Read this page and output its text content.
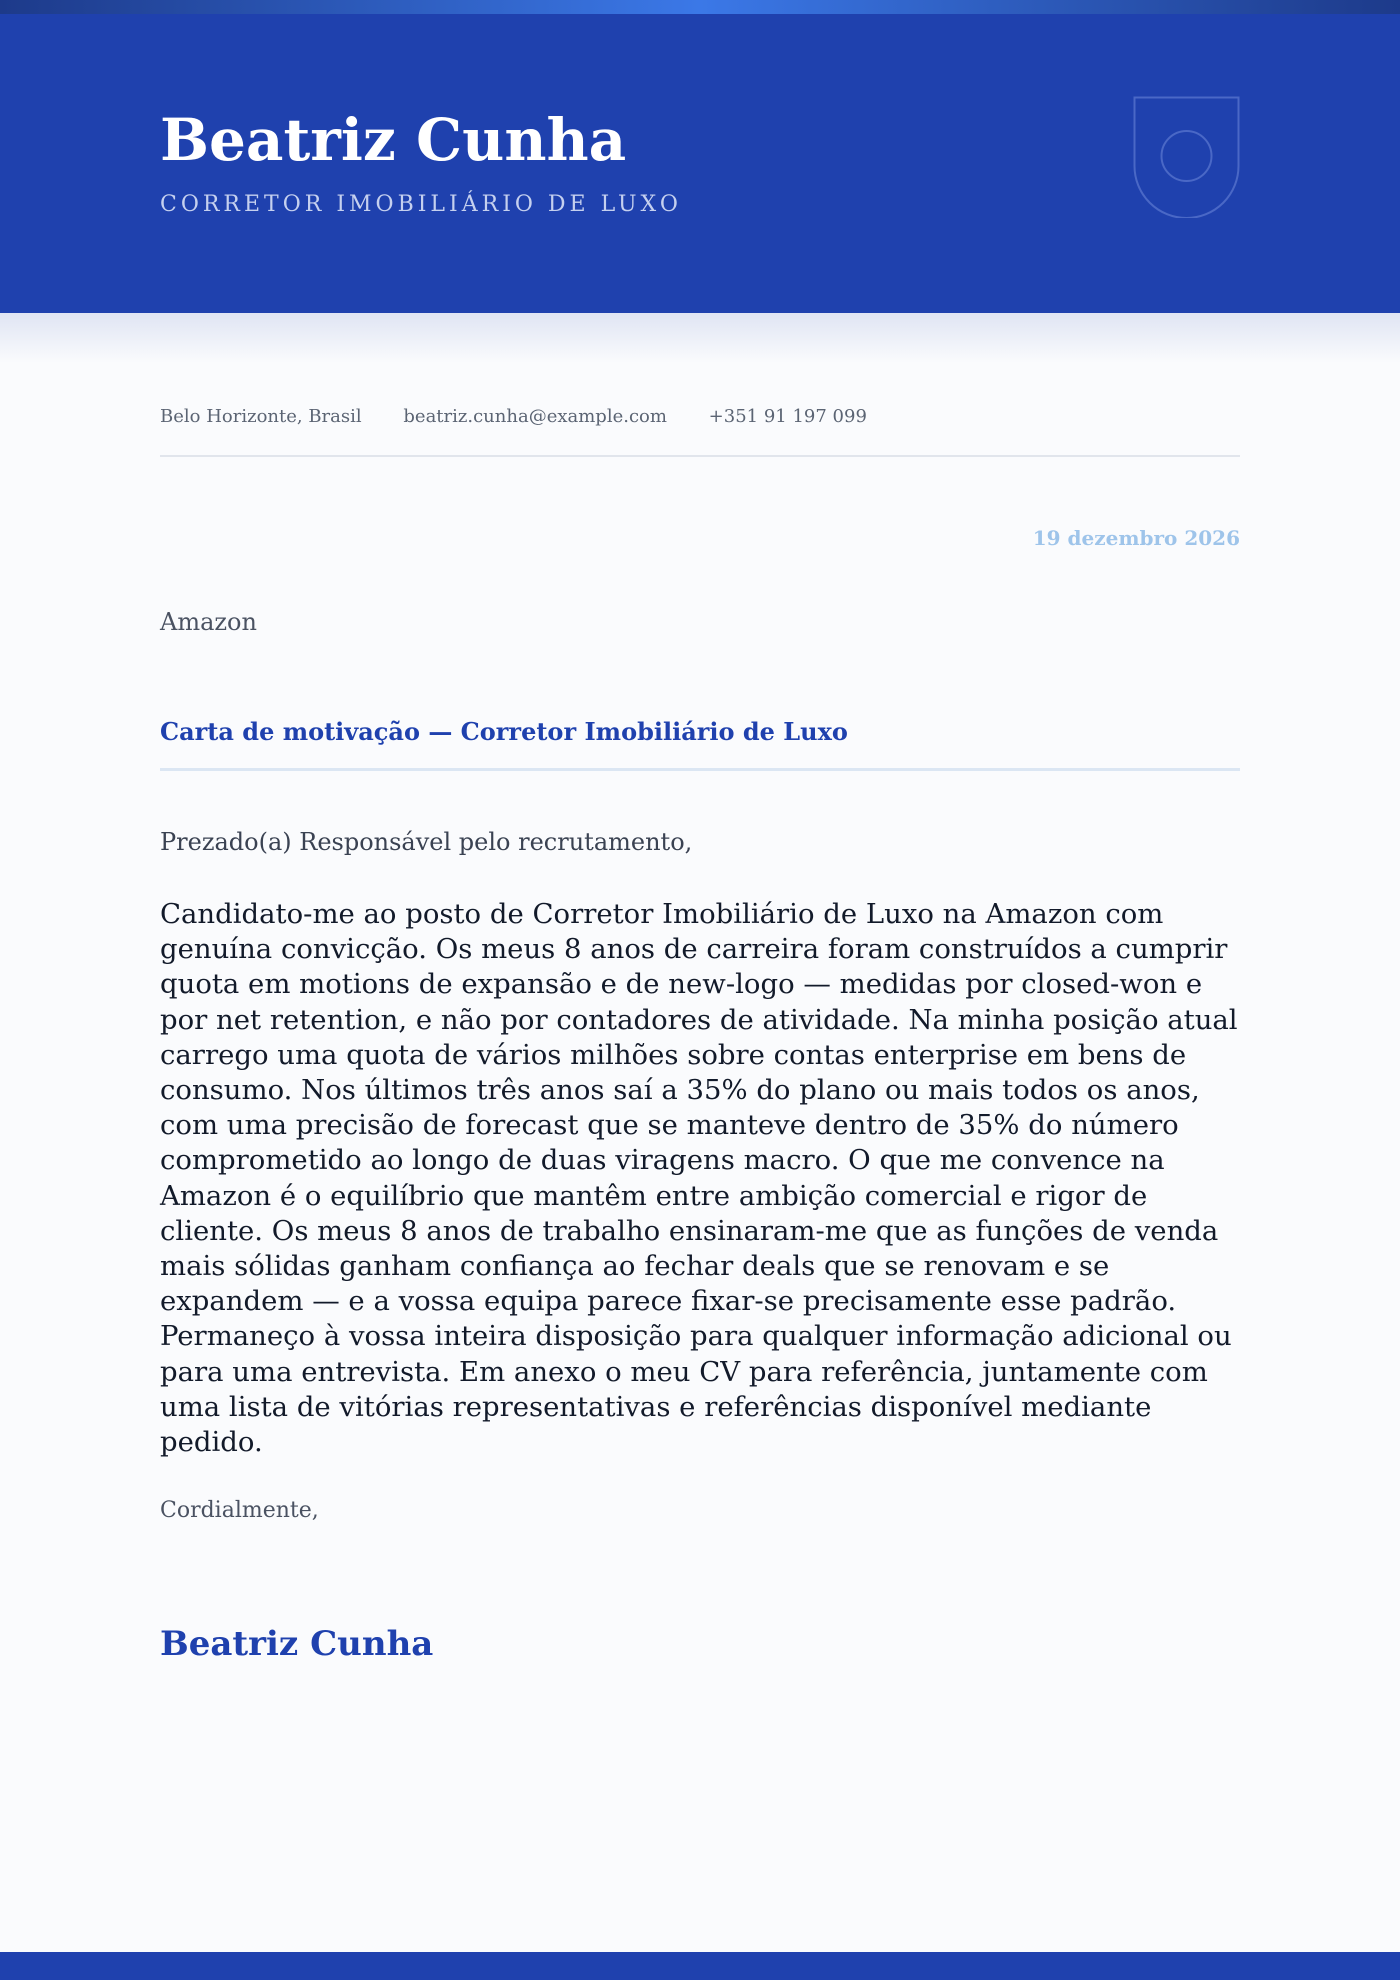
Beatriz Cunha
CORRETOR IMOBILIÁRIO DE LUXO
Belo Horizonte, Brasil beatriz.cunha@example.com +351 91 197 099
19 dezembro 2026
Amazon
Carta de motivação — Corretor Imobiliário de Luxo
Prezado(a) Responsável pelo recrutamento,

Candidato-me ao posto de Corretor Imobiliário de Luxo na Amazon com genuína convicção. Os meus 8 anos de carreira foram construídos a cumprir quota em motions de expansão e de new-logo — medidas por closed-won e por net retention, e não por contadores de atividade. Na minha posição atual carrego uma quota de vários milhões sobre contas enterprise em bens de consumo. Nos últimos três anos saí a 35% do plano ou mais todos os anos, com uma precisão de forecast que se manteve dentro de 35% do número comprometido ao longo de duas viragens macro. O que me convence na Amazon é o equilíbrio que mantêm entre ambição comercial e rigor de cliente. Os meus 8 anos de trabalho ensinaram-me que as funções de venda mais sólidas ganham confiança ao fechar deals que se renovam e se expandem — e a vossa equipa parece fixar-se precisamente esse padrão. Permaneço à vossa inteira disposição para qualquer informação adicional ou para uma entrevista. Em anexo o meu CV para referência, juntamente com uma lista de vitórias representativas e referências disponível mediante pedido.

Cordialmente,
Beatriz Cunha
